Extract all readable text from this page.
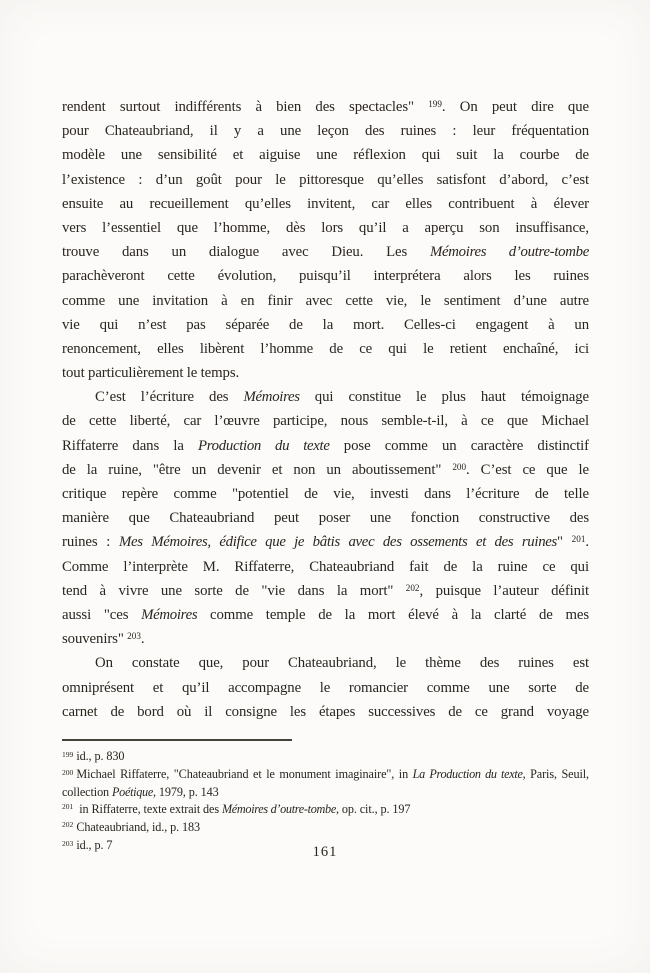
rendent surtout indifférents à bien des spectacles" $^{199}$. On peut dire que
pour Chateaubriand, il y a une leçon des ruines : leur fréquentation
modèle une sensibilité et aiguise une réflexion qui suit la courbe de
l’existence : d’un goût pour le pittoresque qu’elles satisfont d’abord, c’est
ensuite au recueillement qu’elles invitent, car elles contribuent à élever
vers l’essentiel que l’homme, dès lors qu’il a aperçu son insuffisance,
trouve dans un dialogue avec Dieu. Les Mémoires d’outre-tombe
parachèveront cette évolution, puisqu’il interprétera alors les ruines
comme une invitation à en finir avec cette vie, le sentiment d’une autre
vie qui n’est pas séparée de la mort. Celles-ci engagent à un
renoncement, elles libèrent l’homme de ce qui le retient enchaîné, ici
tout particulièrement le temps.
C’est l’écriture des Mémoires qui constitue le plus haut témoignage
de cette liberté, car l’œuvre participe, nous semble-t-il, à ce que Michael
Riffaterre dans la Production du texte pose comme un caractère distinctif
de la ruine, "être un devenir et non un aboutissement" $^{200}$. C’est ce que le
critique repère comme "potentiel de vie, investi dans l’écriture de telle
manière que Chateaubriand peut poser une fonction constructive des
ruines : Mes Mémoires, édifice que je bâtis avec des ossements et des ruines" $^{201}$.
Comme l’interprète M. Riffaterre, Chateaubriand fait de la ruine ce qui
tend à vivre une sorte de "vie dans la mort" $^{202}$, puisque l’auteur définit
aussi "ces Mémoires comme temple de la mort élevé à la clarté de mes
souvenirs" $^{203}$.
On constate que, pour Chateaubriand, le thème des ruines est
omniprésent et qu’il accompagne le romancier comme une sorte de
carnet de bord où il consigne les étapes successives de ce grand voyage
$^{199}$ id., p. 830
$^{200}$ Michael Riffaterre, "Chateaubriand et le monument imaginaire", in La Production du texte, Paris, Seuil, collection Poétique, 1979, p. 143
$^{201}$ in Riffaterre, texte extrait des Mémoires d’outre-tombe, op. cit., p. 197
$^{202}$ Chateaubriand, id., p. 183
$^{203}$ id., p. 7	161
